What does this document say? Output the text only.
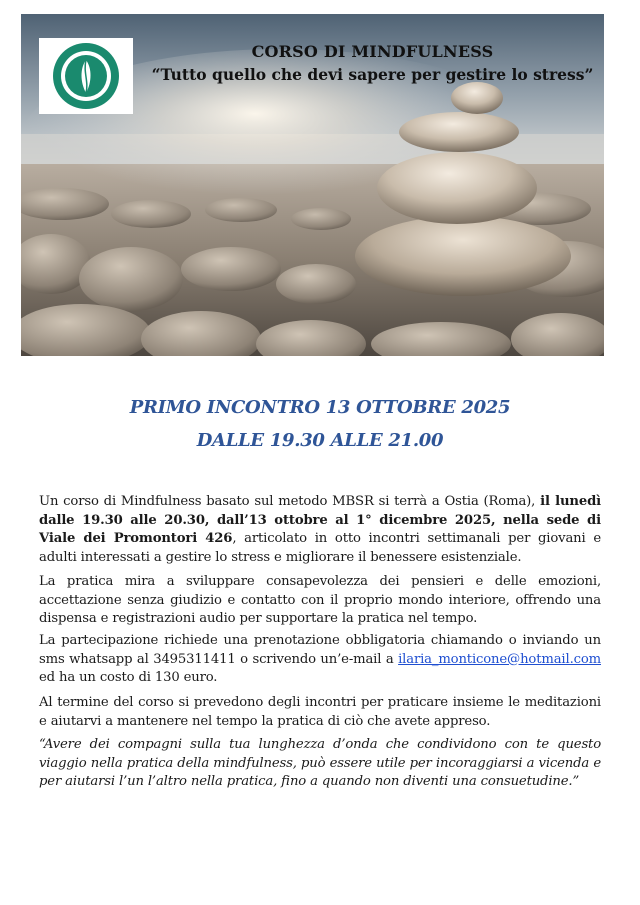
CORSO DI MINDFULNESS
“Tutto quello che devi sapere per gestire lo stress”
PRIMO INCONTRO 13 OTTOBRE 2025
DALLE 19.30 ALLE 21.00
Un corso di Mindfulness basato sul metodo MBSR si terrà a Ostia (Roma), il lunedì dalle 19.30 alle 20.30, dall’13 ottobre al 1° dicembre 2025, nella sede di Viale dei Promontori 426, articolato in otto incontri settimanali per giovani e adulti interessati a gestire lo stress e migliorare il benessere esistenziale.
La pratica mira a sviluppare consapevolezza dei pensieri e delle emozioni, accettazione senza giudizio e contatto con il proprio mondo interiore, offrendo una dispensa e registrazioni audio per supportare la pratica nel tempo.
La partecipazione richiede una prenotazione obbligatoria chiamando o inviando un sms whatsapp al 3495311411 o scrivendo un’e-mail a ilaria_monticone@hotmail.com ed ha un costo di 130 euro.
Al termine del corso si prevedono degli incontri per praticare insieme le meditazioni e aiutarvi a mantenere nel tempo la pratica di ciò che avete appreso.
“Avere dei compagni sulla tua lunghezza d’onda che condividono con te questo viaggio nella pratica della mindfulness, può essere utile per incoraggiarsi a vicenda e per aiutarsi l’un l’altro nella pratica, fino a quando non diventi una consuetudine.”
